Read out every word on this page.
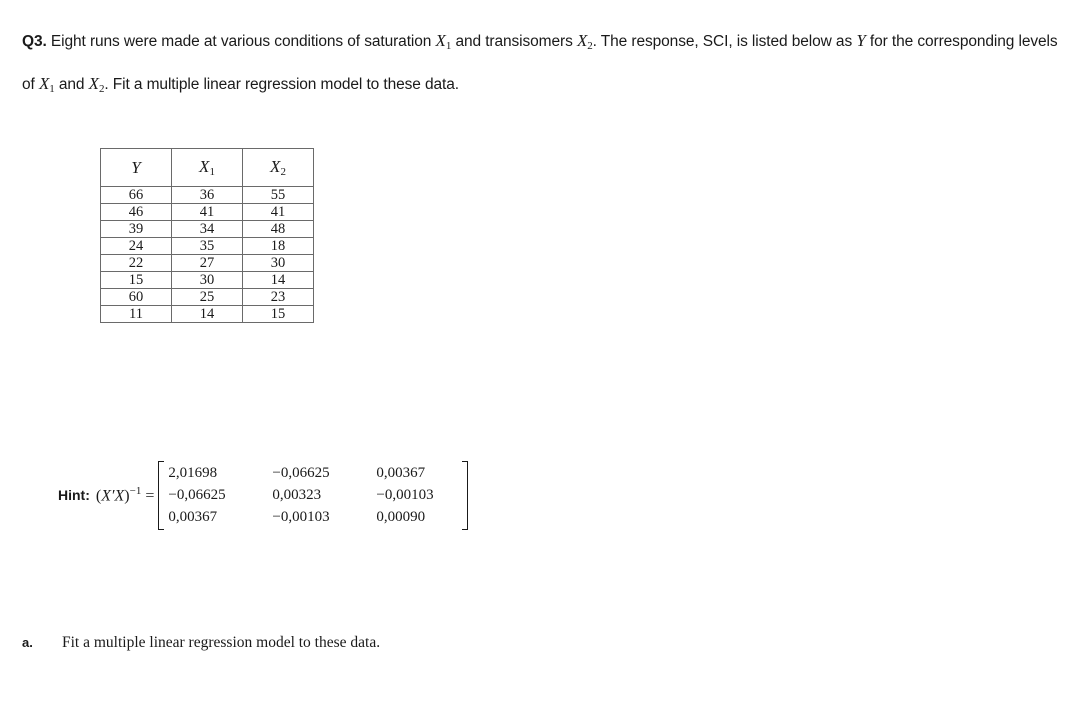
Q3. Eight runs were made at various conditions of saturation $X_1$ and transisomers $X_2$. The response, SCI, is listed below as Y for the corresponding levels of $X_1$ and $X_2$. Fit a multiple linear regression model to these data.
Y	$X_1$	$X_2$
66	36	55
46	41	41
39	34	48
24	35	18
22	27	30
15	30	14
60	25	23
11	14	15
Hint: $(X'X)^{-1}$ =
2,01698	−0,06625	0,00367
−0,06625	0,00323	−0,00103
0,00367	−0,00103	0,00090
a.	Fit a multiple linear regression model to these data.
